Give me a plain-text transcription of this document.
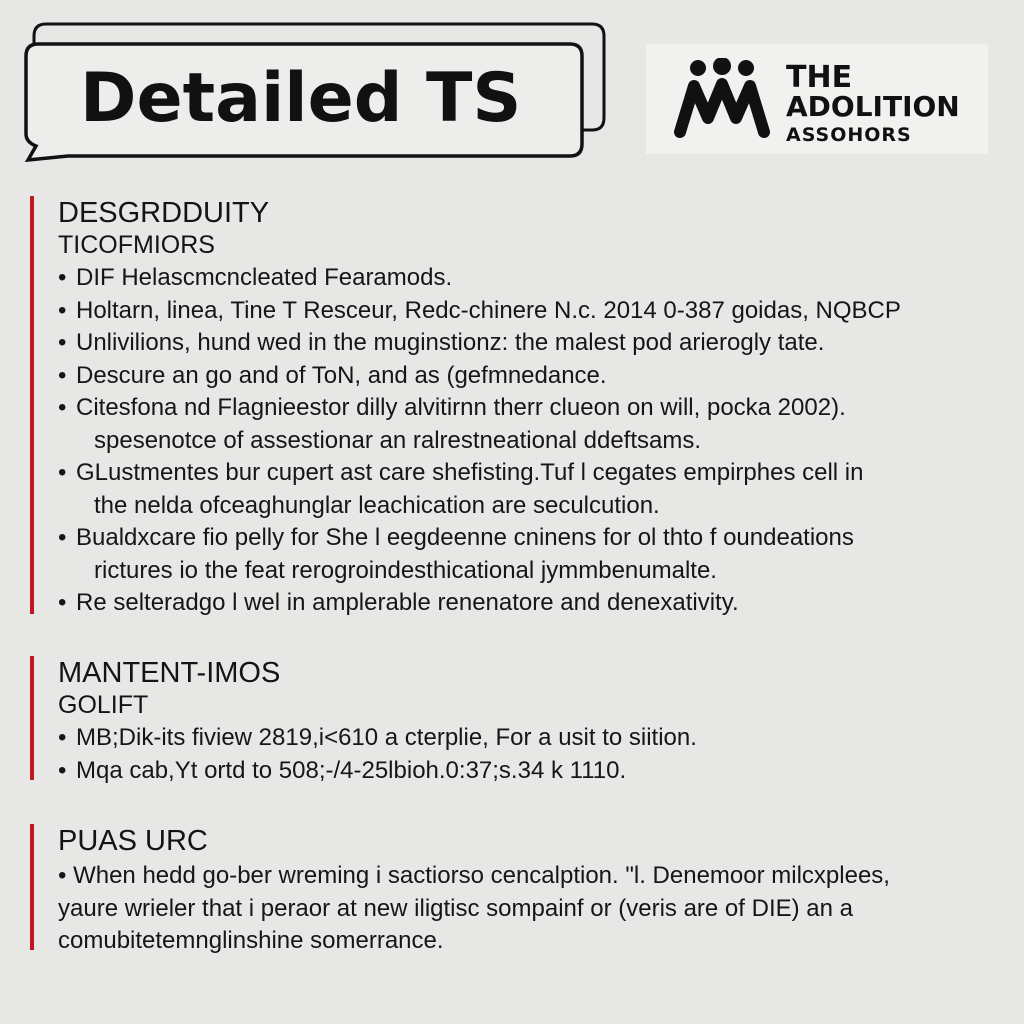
Detailed TS	THE
ADOLITION
ASSOHORS
DESGRDDUITY
TICOFMIORS
• DIF Helascmcncleated Fearamods.
• Holtarn, linea, Tine T Resceur, Redc-chinere N.c. 2014 0-387 goidas, NQBCP
• Unlivilions, hund wed in the muginstionz: the malest pod arierogly tate.
• Descure an go and of ToN, and as (gefmnedance.
• Citesfona nd Flagnieestor dilly alvitirnn therr clueon on will, pocka 2002).
spesenotce of assestionar an ralrestneational ddeftsams.
• GLustmentes bur cupert ast care shefisting.Tuf l cegates empirphes cell in
the nelda ofceaghunglar leachication are seculcution.
• Bualdxcare fio pelly for She l eegdeenne cninens for ol thto f oundeations
rictures io the feat rerogroindesthicational jymmbenumalte.
• Re selteradgo l wel in amplerable renenatore and denexativity.
MANTENT-IMOS
GOLIFT
• MB;Dik-its fiview 2819,i<610 a cterplie, For a usit to siition.
• Mqa cab,Yt ortd to 508;-/4-25lbioh.0:37;s.34 k 1110.
PUAS URC
• When hedd go-ber wreming i sactiorso cencalption. "l. Denemoor milcxplees,
yaure wrieler that i peraor at new iligtisc sompainf or (veris are of DIE) an a
comubitetemnglinshine somerrance.
